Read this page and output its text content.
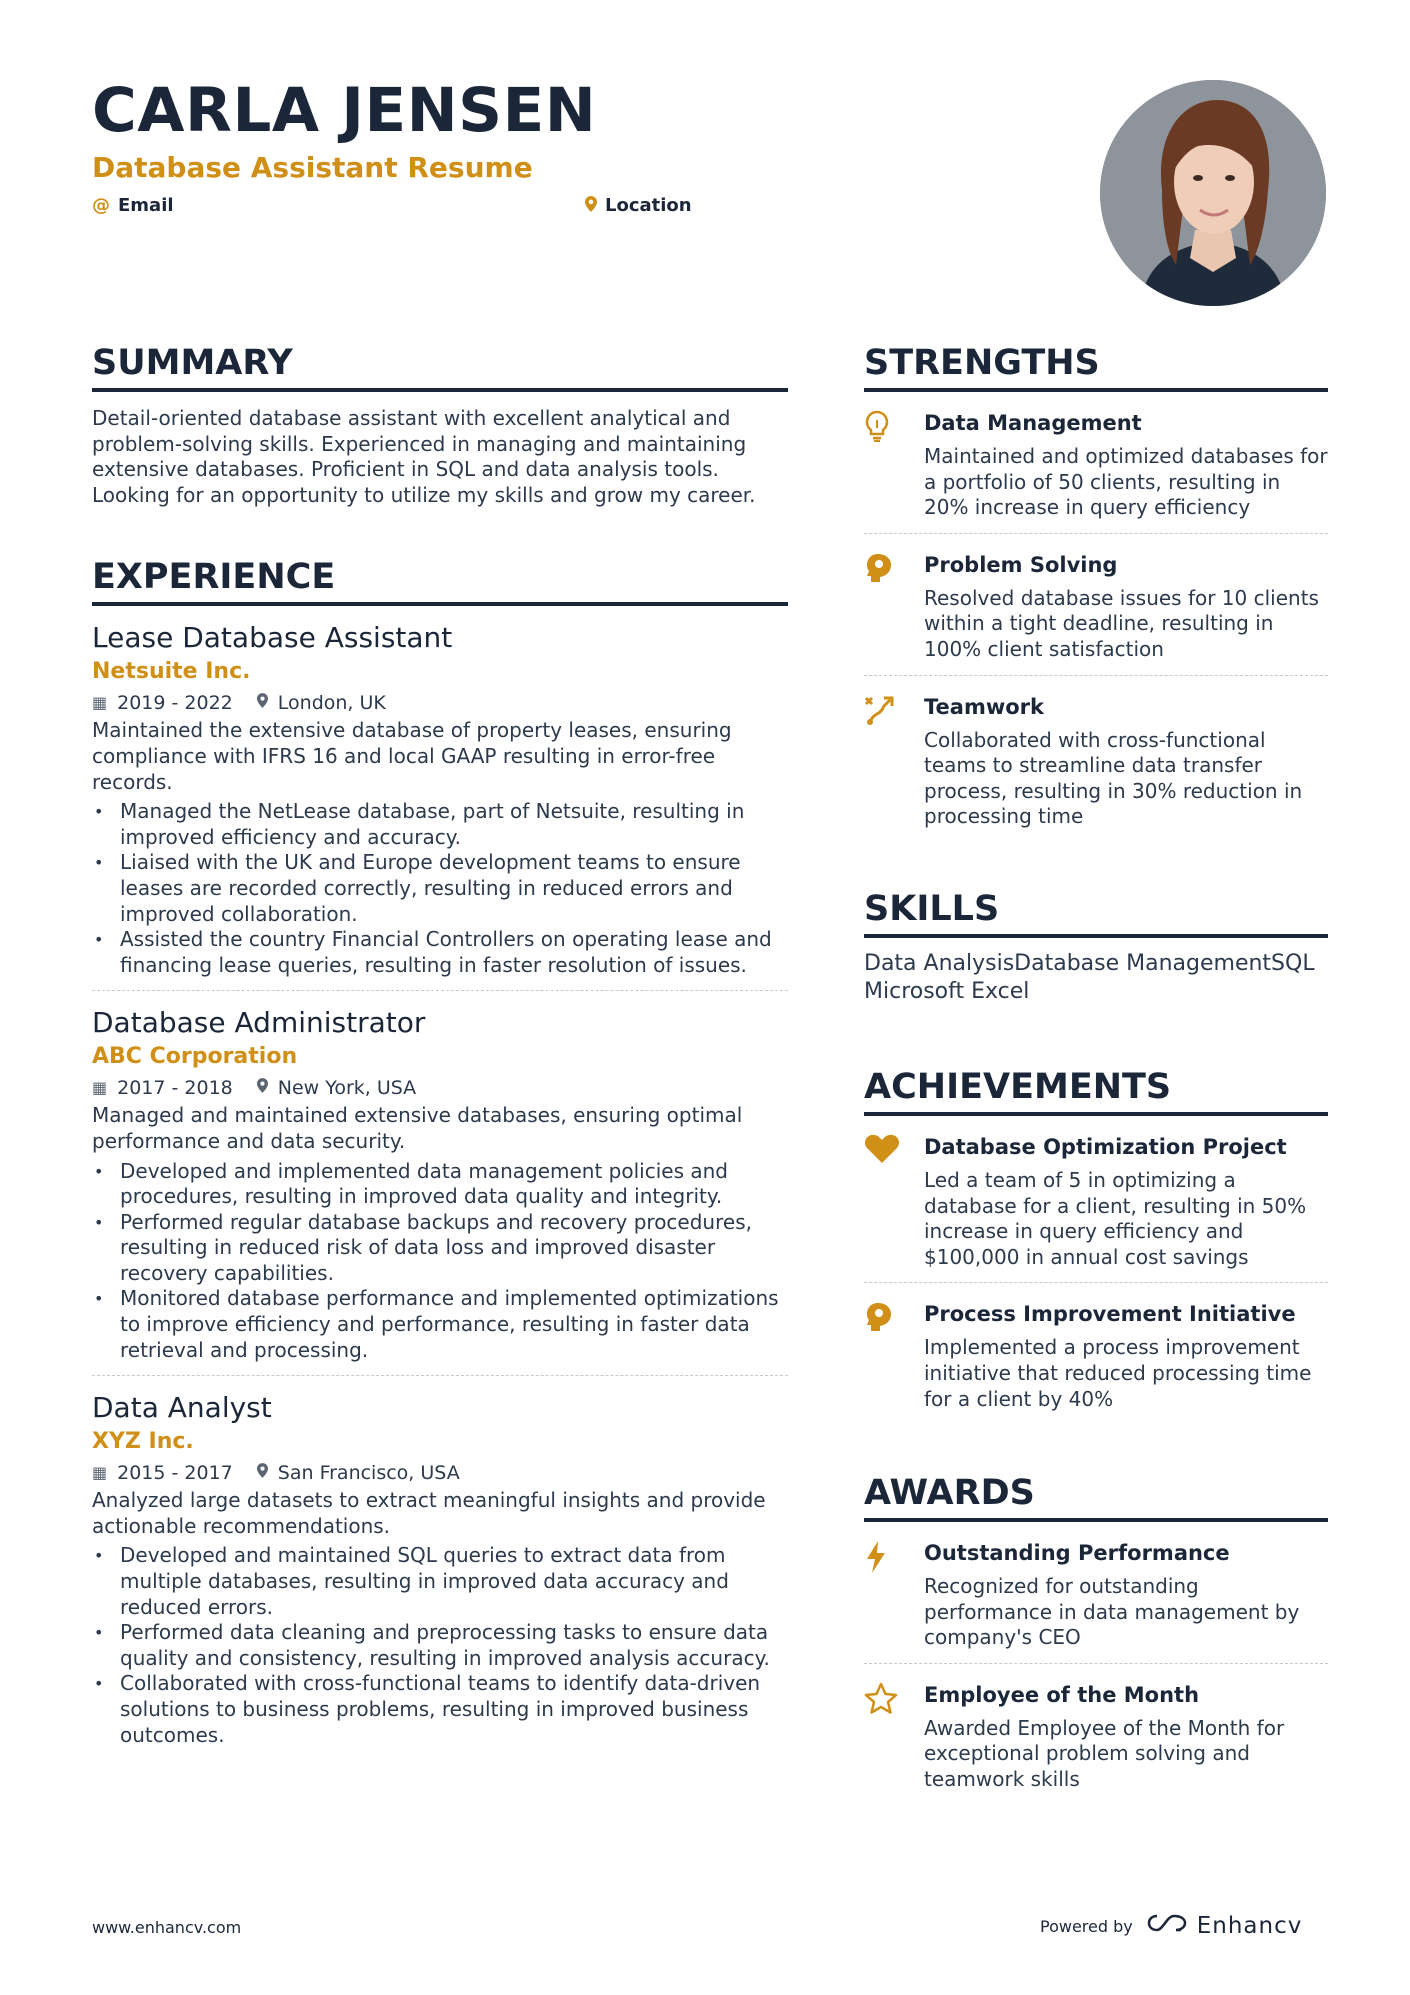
CARLA JENSEN
Database Assistant Resume
@ Email	Location
SUMMARY
Detail-oriented database assistant with excellent analytical and problem-solving skills. Experienced in managing and maintaining extensive databases. Proficient in SQL and data analysis tools. Looking for an opportunity to utilize my skills and grow my career.
EXPERIENCE
Lease Database Assistant
Netsuite Inc.
▦ 2019 - 2022 London, UK
Maintained the extensive database of property leases, ensuring compliance with IFRS 16 and local GAAP resulting in error-free records.
• Managed the NetLease database, part of Netsuite, resulting in improved efficiency and accuracy.
• Liaised with the UK and Europe development teams to ensure leases are recorded correctly, resulting in reduced errors and improved collaboration.
• Assisted the country Financial Controllers on operating lease and financing lease queries, resulting in faster resolution of issues.
Database Administrator
ABC Corporation
▦ 2017 - 2018 New York, USA
Managed and maintained extensive databases, ensuring optimal performance and data security.
• Developed and implemented data management policies and procedures, resulting in improved data quality and integrity.
• Performed regular database backups and recovery procedures, resulting in reduced risk of data loss and improved disaster recovery capabilities.
• Monitored database performance and implemented optimizations to improve efficiency and performance, resulting in faster data retrieval and processing.
Data Analyst
XYZ Inc.
▦ 2015 - 2017 San Francisco, USA
Analyzed large datasets to extract meaningful insights and provide actionable recommendations.
• Developed and maintained SQL queries to extract data from multiple databases, resulting in improved data accuracy and reduced errors.
• Performed data cleaning and preprocessing tasks to ensure data quality and consistency, resulting in improved analysis accuracy.
• Collaborated with cross-functional teams to identify data-driven solutions to business problems, resulting in improved business outcomes.
STRENGTHS
Data Management
Maintained and optimized databases for a portfolio of 50 clients, resulting in 20% increase in query efficiency
Problem Solving
Resolved database issues for 10 clients within a tight deadline, resulting in 100% client satisfaction
Teamwork
Collaborated with cross-functional teams to streamline data transfer process, resulting in 30% reduction in processing time
SKILLS
Data AnalysisDatabase ManagementSQL Microsoft Excel
ACHIEVEMENTS
Database Optimization Project
Led a team of 5 in optimizing a database for a client, resulting in 50% increase in query efficiency and $100,000 in annual cost savings
Process Improvement Initiative
Implemented a process improvement initiative that reduced processing time for a client by 40%
AWARDS
Outstanding Performance
Recognized for outstanding performance in data management by company's CEO
Employee of the Month
Awarded Employee of the Month for exceptional problem solving and teamwork skills
www.enhancv.com	Powered by	Enhancv
